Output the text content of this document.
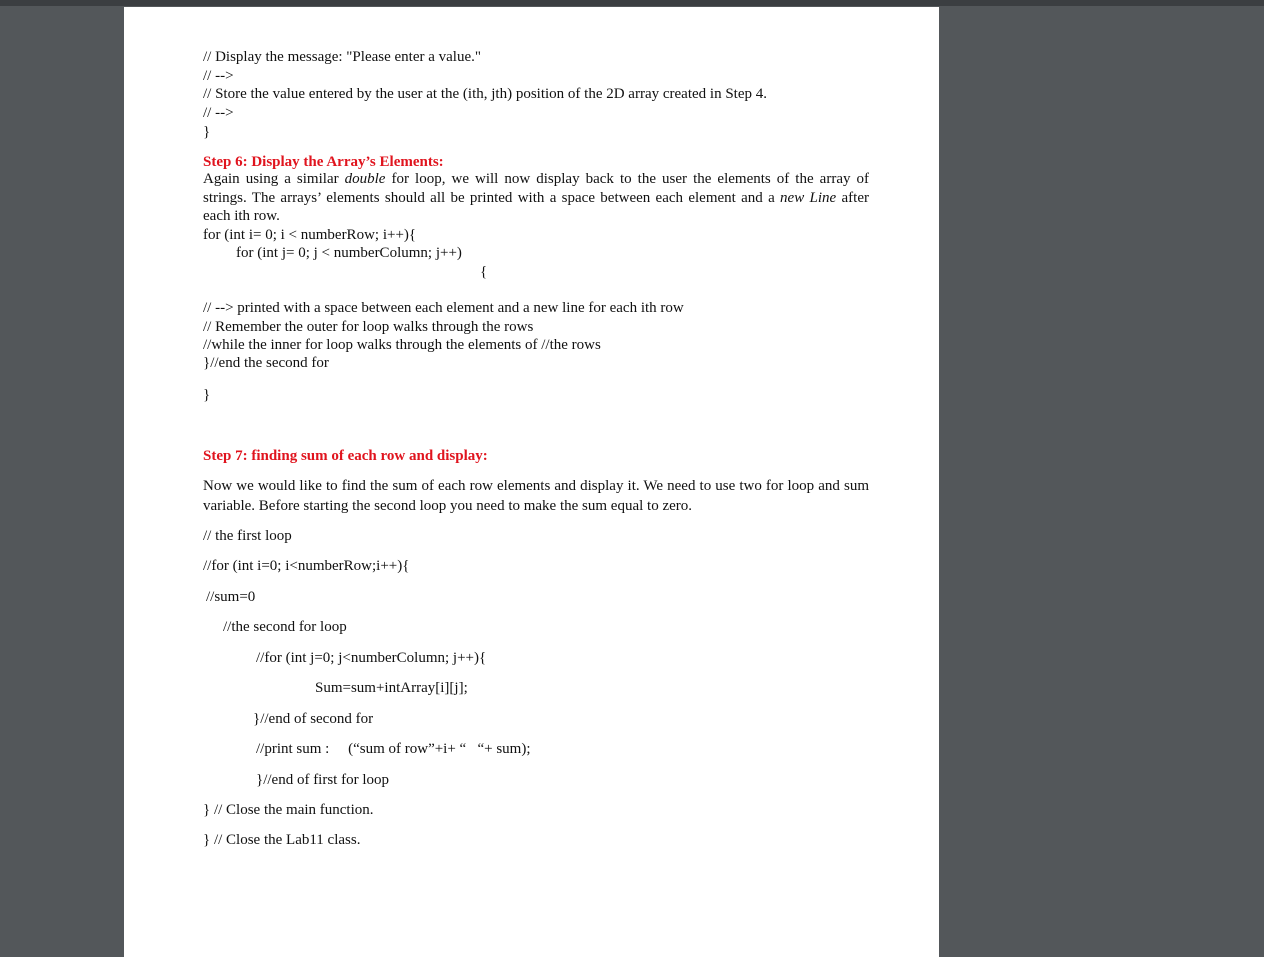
// Display the message: "Please enter a value."
// -->
// Store the value entered by the user at the (ith, jth) position of the 2D array created in Step 4.
// -->
}
Step 6: Display the Array’s Elements:
Again using a similar double for loop, we will now display back to the user the elements of the array of strings. The arrays’ elements should all be printed with a space between each element and a new Line after each ith row.
for (int i= 0; i < numberRow; i++){
for (int j= 0; j < numberColumn; j++)
{
// --> printed with a space between each element and a new line for each ith row
// Remember the outer for loop walks through the rows
//while the inner for loop walks through the elements of //the rows
}//end the second for
}
Step 7: finding sum of each row and display:
Now we would like to find the sum of each row elements and display it. We need to use two for loop and sum variable. Before starting the second loop you need to make the sum equal to zero.
// the first loop
//for (int i=0; i<numberRow;i++){
//sum=0
//the second for loop
//for (int j=0; j<numberColumn; j++){
Sum=sum+intArray[i][j];
}//end of second for
//print sum :     (“sum of row”+i+ “   “+ sum);
}//end of first for loop
} // Close the main function.
} // Close the Lab11 class.
